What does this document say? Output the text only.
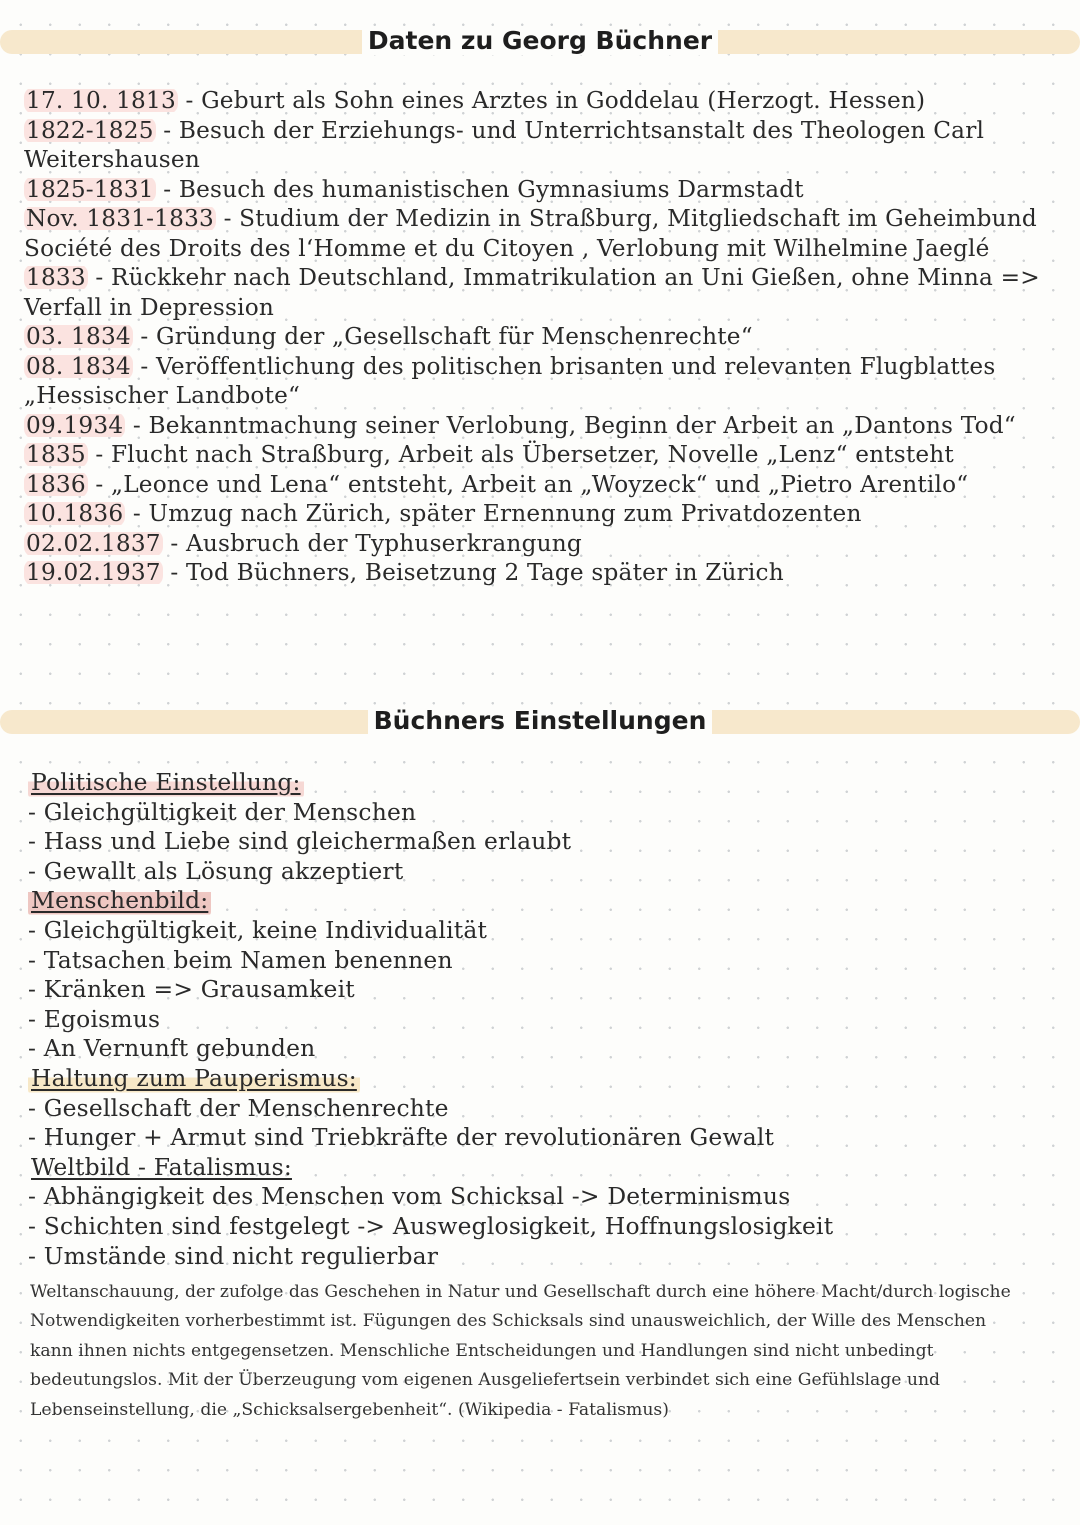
Daten zu Georg Büchner
17. 10. 1813 - Geburt als Sohn eines Arztes in Goddelau (Herzogt. Hessen)
1822-1825 - Besuch der Erziehungs- und Unterrichtsanstalt des Theologen Carl Weitershausen
1825-1831 - Besuch des humanistischen Gymnasiums Darmstadt
Nov. 1831-1833 - Studium der Medizin in Straßburg, Mitgliedschaft im Geheimbund Société des Droits des l‘Homme et du Citoyen , Verlobung mit Wilhelmine Jaeglé
1833 - Rückkehr nach Deutschland, Immatrikulation an Uni Gießen, ohne Minna => Verfall in Depression
03. 1834 - Gründung der „Gesellschaft für Menschenrechte“
08. 1834 - Veröffentlichung des politischen brisanten und relevanten Flugblattes „Hessischer Landbote“
09.1934 - Bekanntmachung seiner Verlobung, Beginn der Arbeit an „Dantons Tod“
1835 - Flucht nach Straßburg, Arbeit als Übersetzer, Novelle „Lenz“ entsteht
1836 - „Leonce und Lena“ entsteht, Arbeit an „Woyzeck“ und „Pietro Arentilo“
10.1836 - Umzug nach Zürich, später Ernennung zum Privatdozenten
02.02.1837 - Ausbruch der Typhuserkrangung
19.02.1937 - Tod Büchners, Beisetzung 2 Tage später in Zürich
Büchners Einstellungen
Politische Einstellung:
- Gleichgültigkeit der Menschen
- Hass und Liebe sind gleichermaßen erlaubt
- Gewallt als Lösung akzeptiert
Menschenbild:
- Gleichgültigkeit, keine Individualität
- Tatsachen beim Namen benennen
- Kränken => Grausamkeit
- Egoismus
- An Vernunft gebunden
Haltung zum Pauperismus:
- Gesellschaft der Menschenrechte
- Hunger + Armut sind Triebkräfte der revolutionären Gewalt
Weltbild - Fatalismus:
- Abhängigkeit des Menschen vom Schicksal -> Determinismus
- Schichten sind festgelegt -> Ausweglosigkeit, Hoffnungslosigkeit
- Umstände sind nicht regulierbar

Weltanschauung, der zufolge das Geschehen in Natur und Gesellschaft durch eine höhere Macht/durch logische Notwendigkeiten vorherbestimmt ist. Fügungen des Schicksals sind unausweichlich, der Wille des Menschen kann ihnen nichts entgegensetzen. Menschliche Entscheidungen und Handlungen sind nicht unbedingt bedeutungslos. Mit der Überzeugung vom eigenen Ausgeliefertsein verbindet sich eine Gefühlslage und Lebenseinstellung, die „Schicksalsergebenheit“. (Wikipedia - Fatalismus)
